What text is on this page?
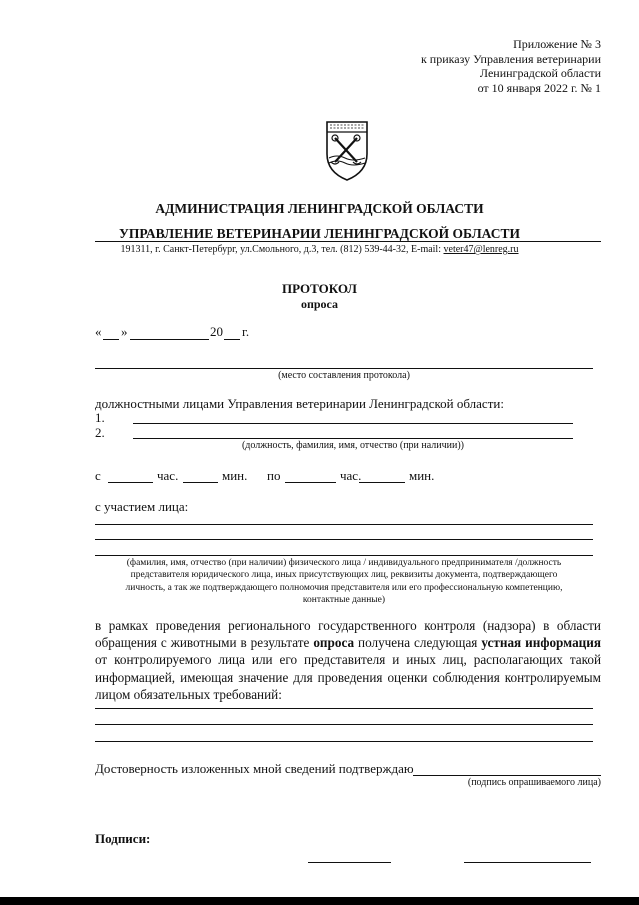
Приложение № 3
к приказу Управления ветеринарии
Ленинградской области
от 10 января 2022 г. № 1
АДМИНИСТРАЦИЯ ЛЕНИНГРАДСКОЙ ОБЛАСТИ
УПРАВЛЕНИЕ ВЕТЕРИНАРИИ ЛЕНИНГРАДСКОЙ ОБЛАСТИ
191311, г. Санкт-Петербург, ул.Смольного, д.3, тел. (812) 539-44-32, E-mail: veter47@lenreg.ru
ПРОТОКОЛ
опроса
« »	20 г.
(место составления протокола)
должностными лицами Управления ветеринарии Ленинградской области:
1.
2.
(должность, фамилия, имя, отчество (при наличии))
с	час.	мин. по	час.	мин.
с участием лица:
(фамилия, имя, отчество (при наличии) физического лица / индивидуального предпринимателя /должность
представителя юридического лица, иных присутствующих лиц, реквизиты документа, подтверждающего
личность, а так же подтверждающего полномочия представителя или его профессиональную компетенцию,
контактные данные)
в рамках проведения регионального государственного контроля (надзора) в области обращения с животными в результате опроса получена следующая устная информация от контролируемого лица или его представителя и иных лиц, располагающих такой информацией, имеющая значение для проведения оценки соблюдения контролируемым лицом обязательных требований:
Достоверность изложенных мной сведений подтверждаю
(подпись опрашиваемого лица)
Подписи:
